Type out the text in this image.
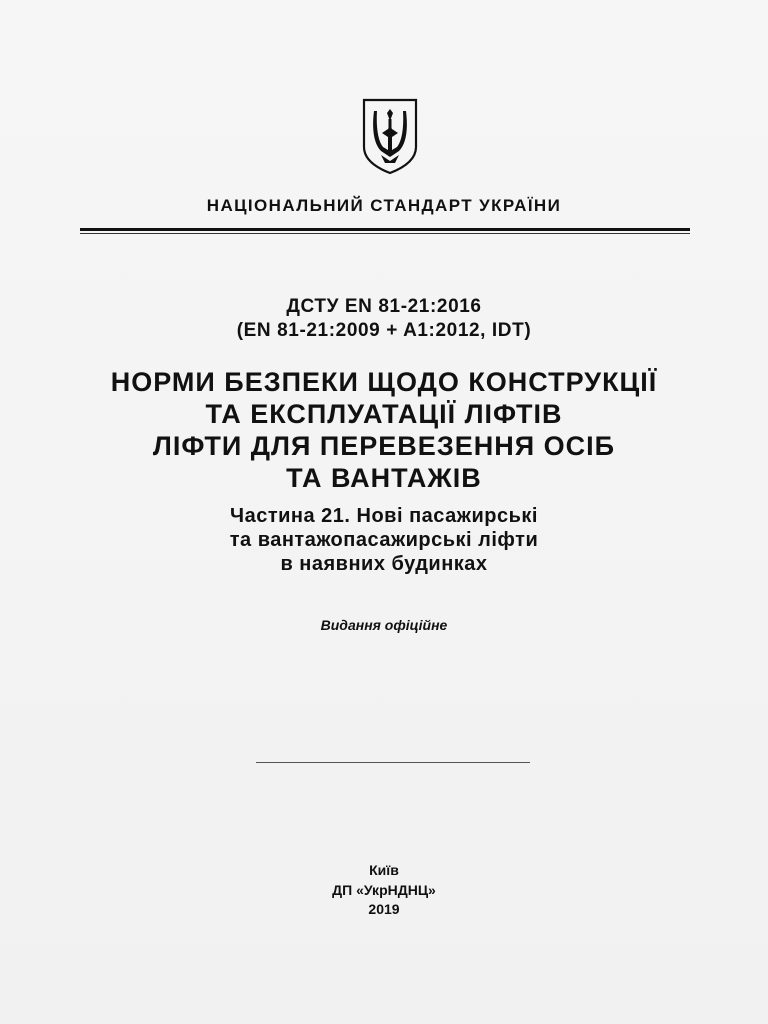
НАЦІОНАЛЬНИЙ СТАНДАРТ УКРАЇНИ
ДСТУ EN 81-21:2016
(EN 81-21:2009 + A1:2012, IDT)
НОРМИ БЕЗПЕКИ ЩОДО КОНСТРУКЦІЇ
ТА ЕКСПЛУАТАЦІЇ ЛІФТІВ
ЛІФТИ ДЛЯ ПЕРЕВЕЗЕННЯ ОСІБ
ТА ВАНТАЖІВ
Частина 21. Нові пасажирські
та вантажопасажирські ліфти
в наявних будинках
Видання офіційне
Київ
ДП «УкрНДНЦ»
2019
